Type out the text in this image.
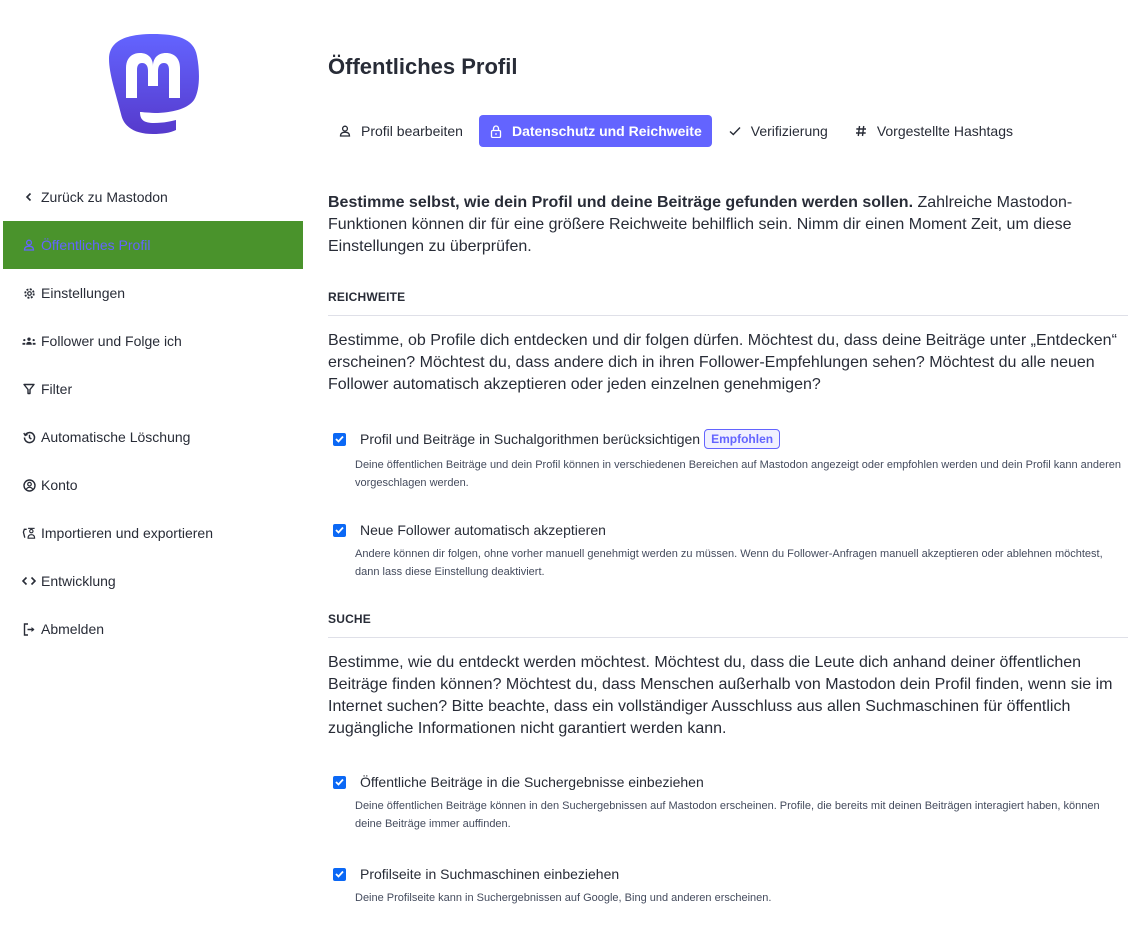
Zurück zu Mastodon
Öffentliches Profil
Einstellungen
Follower und Folge ich
Filter
Automatische Löschung
Konto
Importieren und exportieren
Entwicklung
Abmelden
Öffentliches Profil
Profil bearbeiten	Datenschutz und Reichweite	Verifizierung	Vorgestellte Hashtags

Bestimme selbst, wie dein Profil und deine Beiträge gefunden werden sollen. Zahlreiche Mastodon-Funktionen können dir für eine größere Reichweite behilflich sein. Nimm dir einen Moment Zeit, um diese Einstellungen zu überprüfen.

REICHWEITE

Bestimme, ob Profile dich entdecken und dir folgen dürfen. Möchtest du, dass deine Beiträge unter „Entdecken“ erscheinen? Möchtest du, dass andere dich in ihren Follower-Empfehlungen sehen? Möchtest du alle neuen Follower automatisch akzeptieren oder jeden einzelnen genehmigen?

Profil und Beiträge in Suchalgorithmen berücksichtigen Empfohlen
Deine öffentlichen Beiträge und dein Profil können in verschiedenen Bereichen auf Mastodon angezeigt oder empfohlen werden und dein Profil kann anderen vorgeschlagen werden.
Neue Follower automatisch akzeptieren
Andere können dir folgen, ohne vorher manuell genehmigt werden zu müssen. Wenn du Follower-Anfragen manuell akzeptieren oder ablehnen möchtest, dann lass diese Einstellung deaktiviert.
SUCHE

Bestimme, wie du entdeckt werden möchtest. Möchtest du, dass die Leute dich anhand deiner öffentlichen Beiträge finden können? Möchtest du, dass Menschen außerhalb von Mastodon dein Profil finden, wenn sie im Internet suchen? Bitte beachte, dass ein vollständiger Ausschluss aus allen Suchmaschinen für öffentlich zugängliche Informationen nicht garantiert werden kann.

Öffentliche Beiträge in die Suchergebnisse einbeziehen
Deine öffentlichen Beiträge können in den Suchergebnissen auf Mastodon erscheinen. Profile, die bereits mit deinen Beiträgen interagiert haben, können deine Beiträge immer auffinden.
Profilseite in Suchmaschinen einbeziehen
Deine Profilseite kann in Suchergebnissen auf Google, Bing und anderen erscheinen.
